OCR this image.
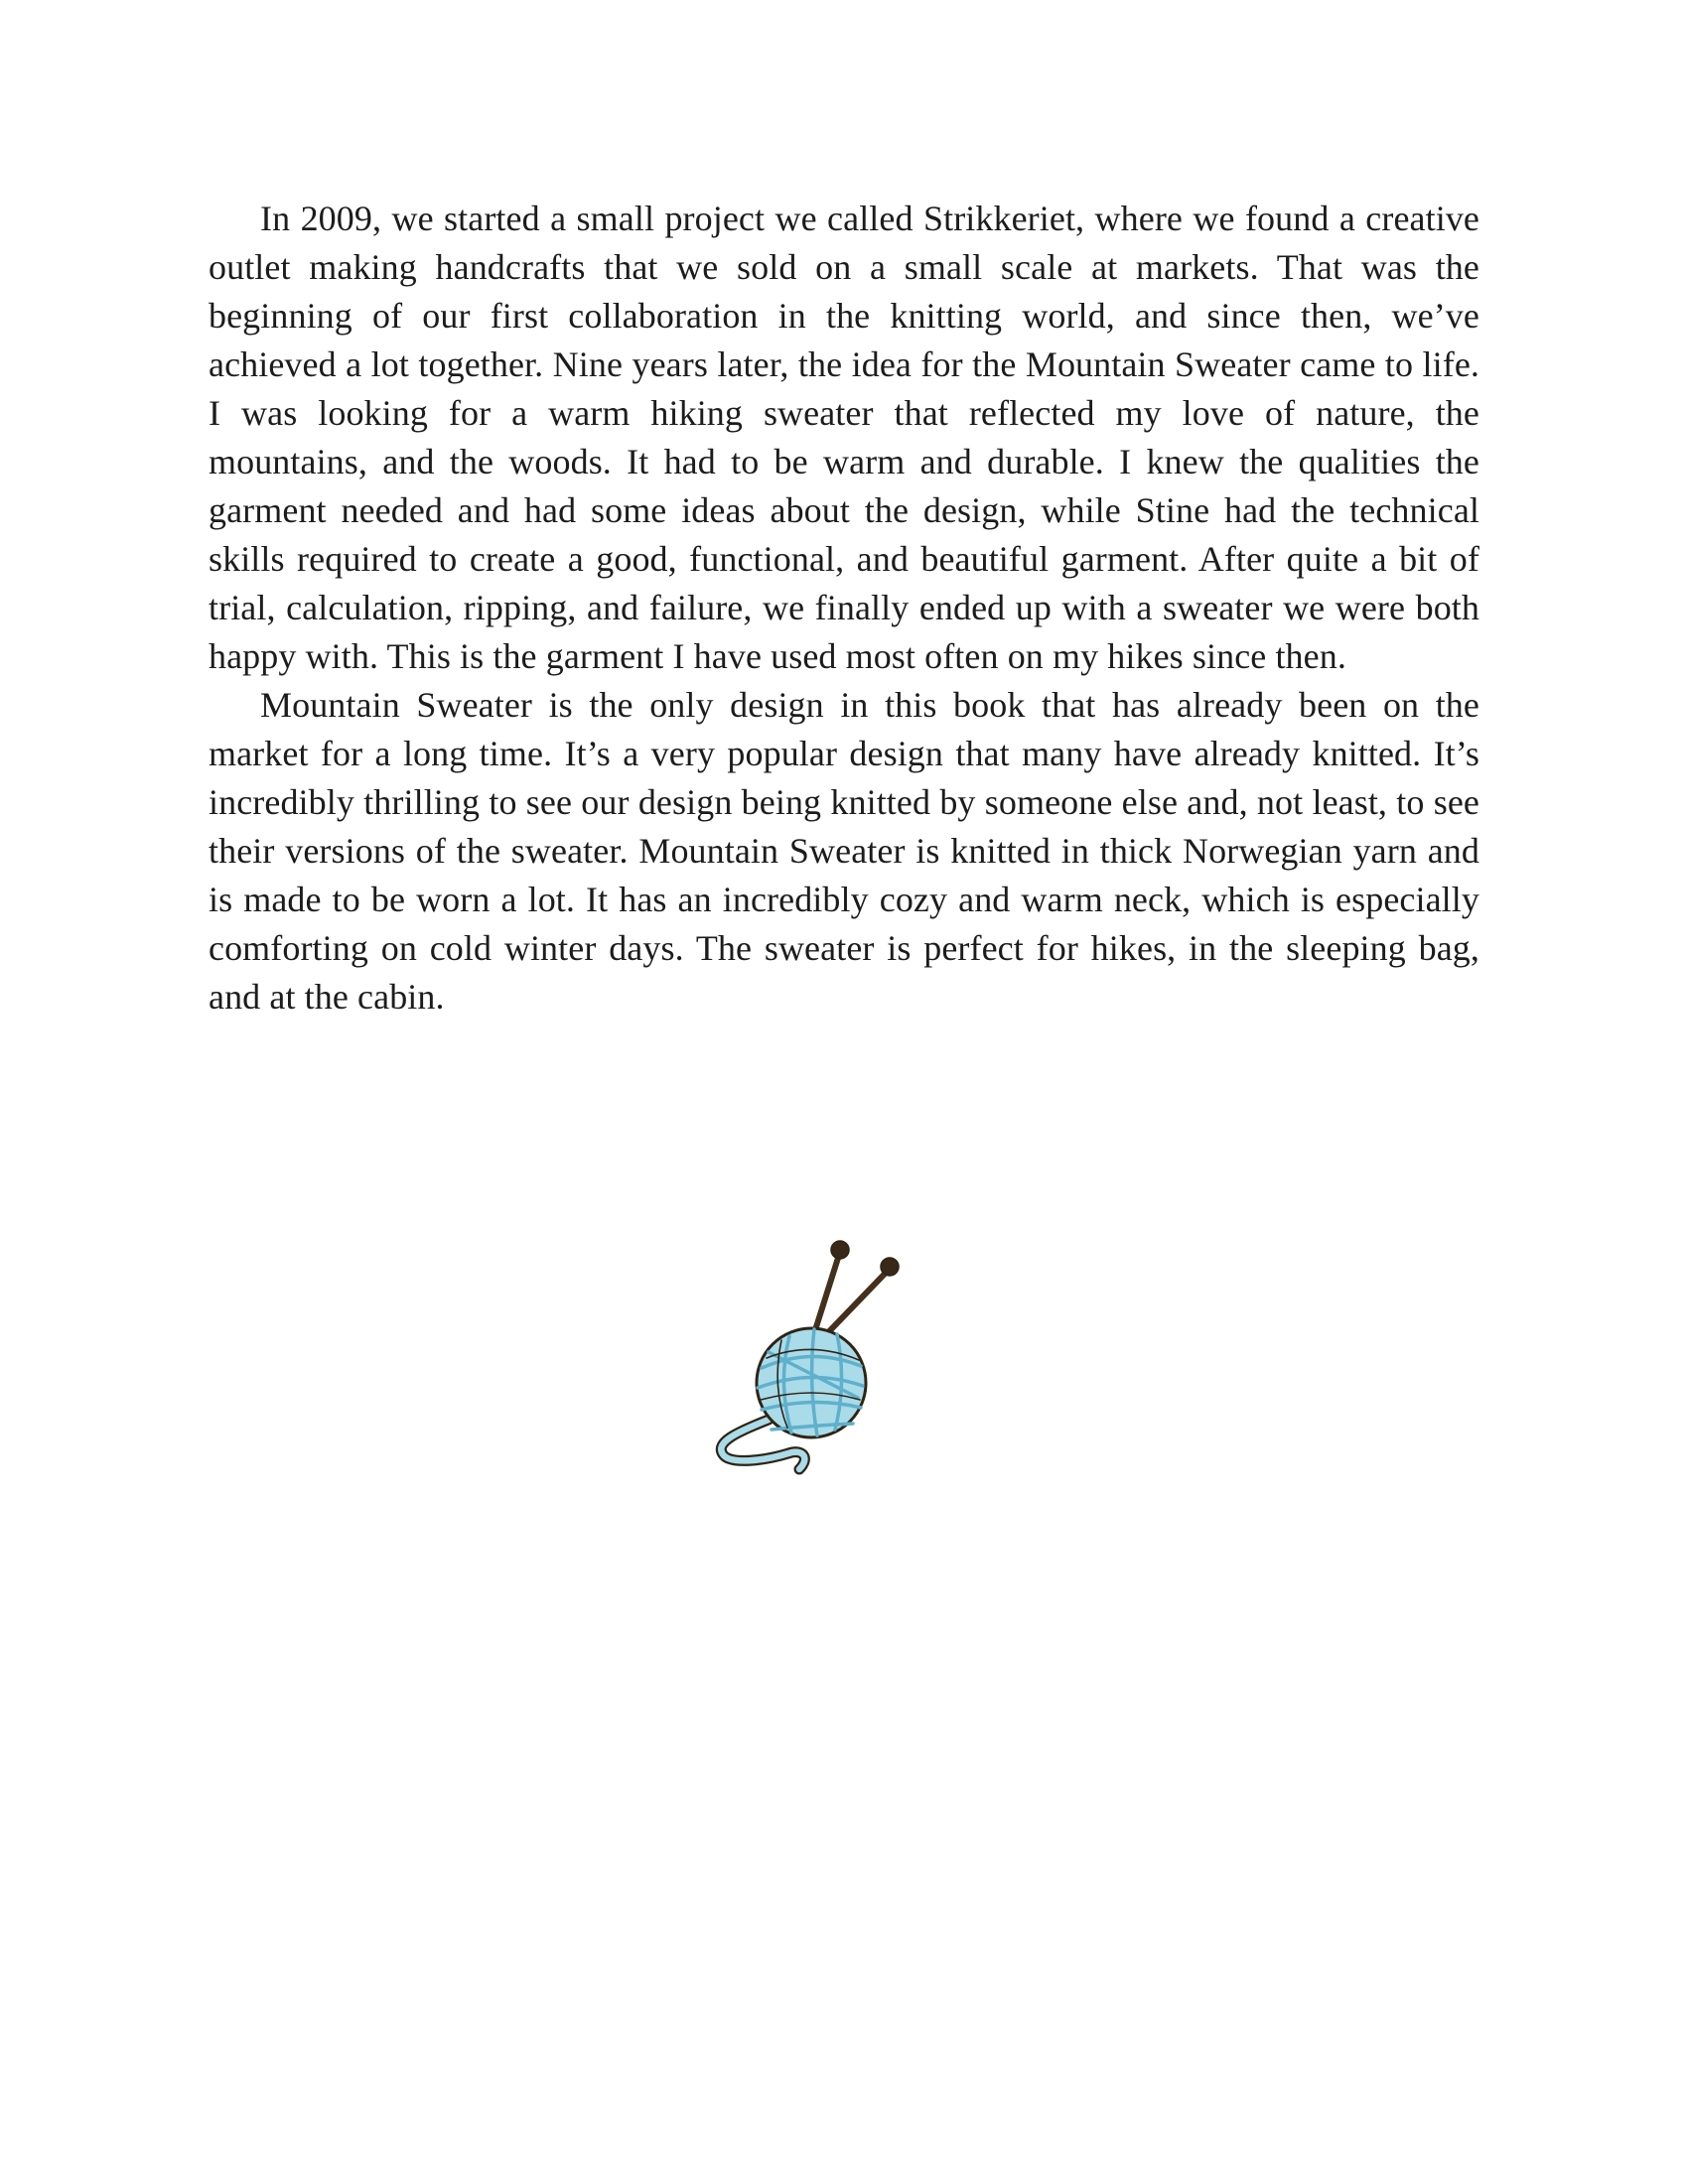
In 2009, we started a small project we called Strikkeriet, where we found a creative outlet making handcrafts that we sold on a small scale at markets. That was the beginning of our first collaboration in the knitting world, and since then, we’ve achieved a lot together. Nine years later, the idea for the Mountain Sweater came to life. I was looking for a warm hiking sweater that reflected my love of nature, the mountains, and the woods. It had to be warm and durable. I knew the qualities the garment needed and had some ideas about the design, while Stine had the technical skills required to create a good, functional, and beautiful garment. After quite a bit of trial, calculation, ripping, and failure, we finally ended up with a sweater we were both happy with. This is the garment I have used most often on my hikes since then.

Mountain Sweater is the only design in this book that has already been on the market for a long time. It’s a very popular design that many have already knitted. It’s incredibly thrilling to see our design being knitted by someone else and, not least, to see their versions of the sweater. Mountain Sweater is knitted in thick Norwegian yarn and is made to be worn a lot. It has an incredibly cozy and warm neck, which is especially comforting on cold winter days. The sweater is perfect for hikes, in the sleeping bag, and at the cabin.
